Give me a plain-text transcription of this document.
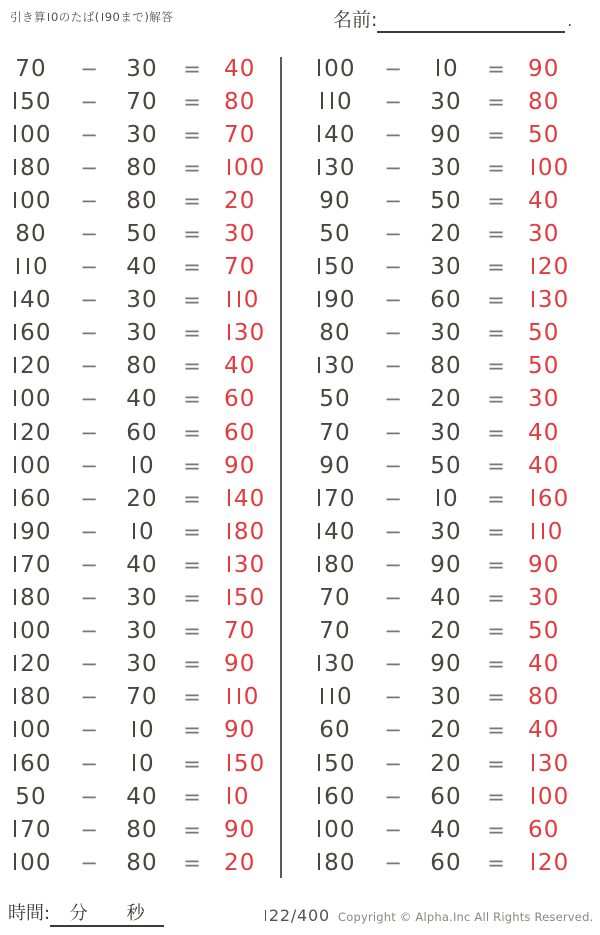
引き算 0のたば( 90まで)解答	名前:
	.
70	−	30	=	40
50	−	70	=	80
00	−	30	=	70
80	−	80	=	00
00	−	80	=	20
80	−	50	=	30
0	−	40	=	70
40	−	30	=	0
60	−	30	=	30
20	−	80	=	40
00	−	40	=	60
20	−	60	=	60
00	−	0	=	90
60	−	20	=	40
90	−	0	=	80
70	−	40	=	30
80	−	30	=	50
00	−	30	=	70
20	−	30	=	90
80	−	70	=	0
00	−	0	=	90
60	−	0	=	50
50	−	40	=	0
70	−	80	=	90
00	−	80	=	20
00	−	0	=	90
0	−	30	=	80
40	−	90	=	50
30	−	30	=	00
90	−	50	=	40
50	−	20	=	30
50	−	30	=	20
90	−	60	=	30
80	−	30	=	50
30	−	80	=	50
50	−	20	=	30
70	−	30	=	40
90	−	50	=	40
70	−	0	=	60
40	−	30	=	0
80	−	90	=	90
70	−	40	=	30
70	−	20	=	50
30	−	90	=	40
0	−	30	=	80
60	−	20	=	40
50	−	20	=	30
60	−	60	=	00
00	−	40	=	60
80	−	60	=	20
時間: 分 秒	22/400 Copyright © Alpha.Inc All Rights Reserved.
